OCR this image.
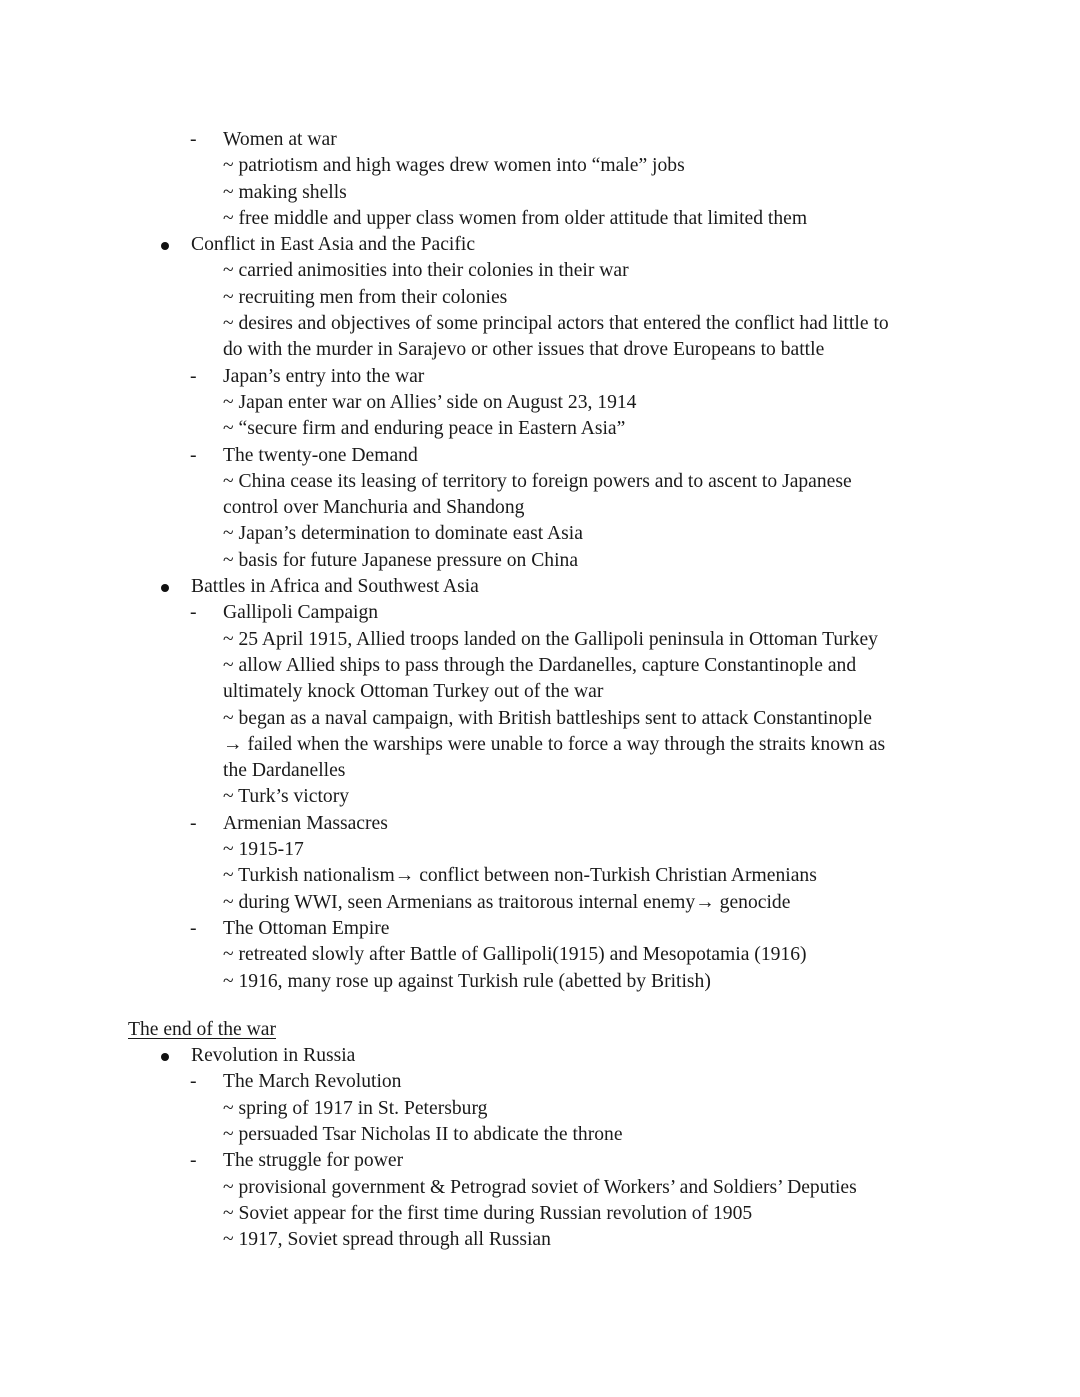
- Women at war
~ patriotism and high wages drew women into “male” jobs
~ making shells
~ free middle and upper class women from older attitude that limited them
Conflict in East Asia and the Pacific
~ carried animosities into their colonies in their war
~ recruiting men from their colonies
~ desires and objectives of some principal actors that entered the conflict had little to
do with the murder in Sarajevo or other issues that drove Europeans to battle
- Japan’s entry into the war
~ Japan enter war on Allies’ side on August 23, 1914
~ “secure firm and enduring peace in Eastern Asia”
- The twenty-one Demand
~ China cease its leasing of territory to foreign powers and to ascent to Japanese
control over Manchuria and Shandong
~ Japan’s determination to dominate east Asia
~ basis for future Japanese pressure on China
Battles in Africa and Southwest Asia
- Gallipoli Campaign
~ 25 April 1915, Allied troops landed on the Gallipoli peninsula in Ottoman Turkey
~ allow Allied ships to pass through the Dardanelles, capture Constantinople and
ultimately knock Ottoman Turkey out of the war
~ began as a naval campaign, with British battleships sent to attack Constantinople
→ failed when the warships were unable to force a way through the straits known as
the Dardanelles
~ Turk’s victory
- Armenian Massacres
~ 1915-17
~ Turkish nationalism→ conflict between non-Turkish Christian Armenians
~ during WWI, seen Armenians as traitorous internal enemy→ genocide
- The Ottoman Empire
~ retreated slowly after Battle of Gallipoli(1915) and Mesopotamia (1916)
~ 1916, many rose up against Turkish rule (abetted by British)
The end of the war
Revolution in Russia
- The March Revolution
~ spring of 1917 in St. Petersburg
~ persuaded Tsar Nicholas II to abdicate the throne
- The struggle for power
~ provisional government & Petrograd soviet of Workers’ and Soldiers’ Deputies
~ Soviet appear for the first time during Russian revolution of 1905
~ 1917, Soviet spread through all Russian
